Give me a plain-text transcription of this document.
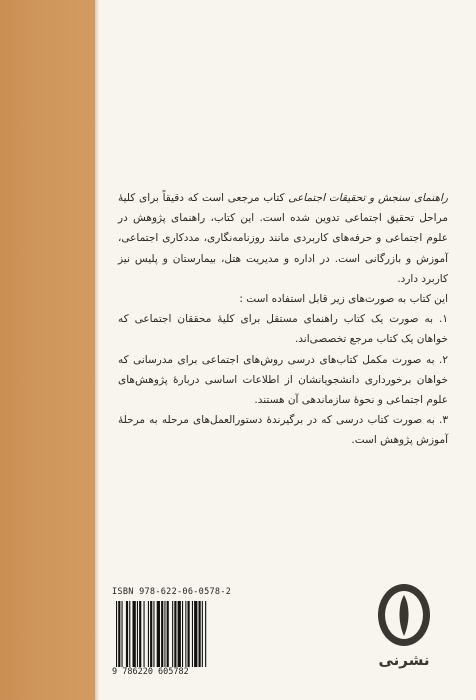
راهنمای سنجش و تحقیقات اجتماعی کتاب مرجعی است که دقیقاً برای کلیهٔ مراحل تحقیق اجتماعی تدوین شده است. این کتاب، راهنمای پژوهش در علوم اجتماعی و حرفه‌های کاربردی مانند روزنامه‌نگاری، مددکاری اجتماعی، آموزش و بازرگانی است. در اداره و مدیریت هتل، بیمارستان و پلیس نیز کاربرد دارد.

این کتاب به صورت‌های زیر قابل استفاده است :

۱. به صورت یک کتاب راهنمای مستقل برای کلیهٔ محققان اجتماعی که خواهان یک کتاب مرجع تخصصی‌اند.

۲. به صورت مکمل کتاب‌های درسی روش‌های اجتماعی برای مدرسانی که خواهان برخورداری دانشجویانشان از اطلاعات اساسی دربارهٔ پژوهش‌های علوم اجتماعی و نحوهٔ سازماندهی آن هستند.

۳. به صورت کتاب درسی که در برگیرندهٔ دستورالعمل‌های مرحله به مرحلهٔ آموزش پژوهش است.

ISBN 978-622-06-0578-2
9 786220 605782
نشرنی
